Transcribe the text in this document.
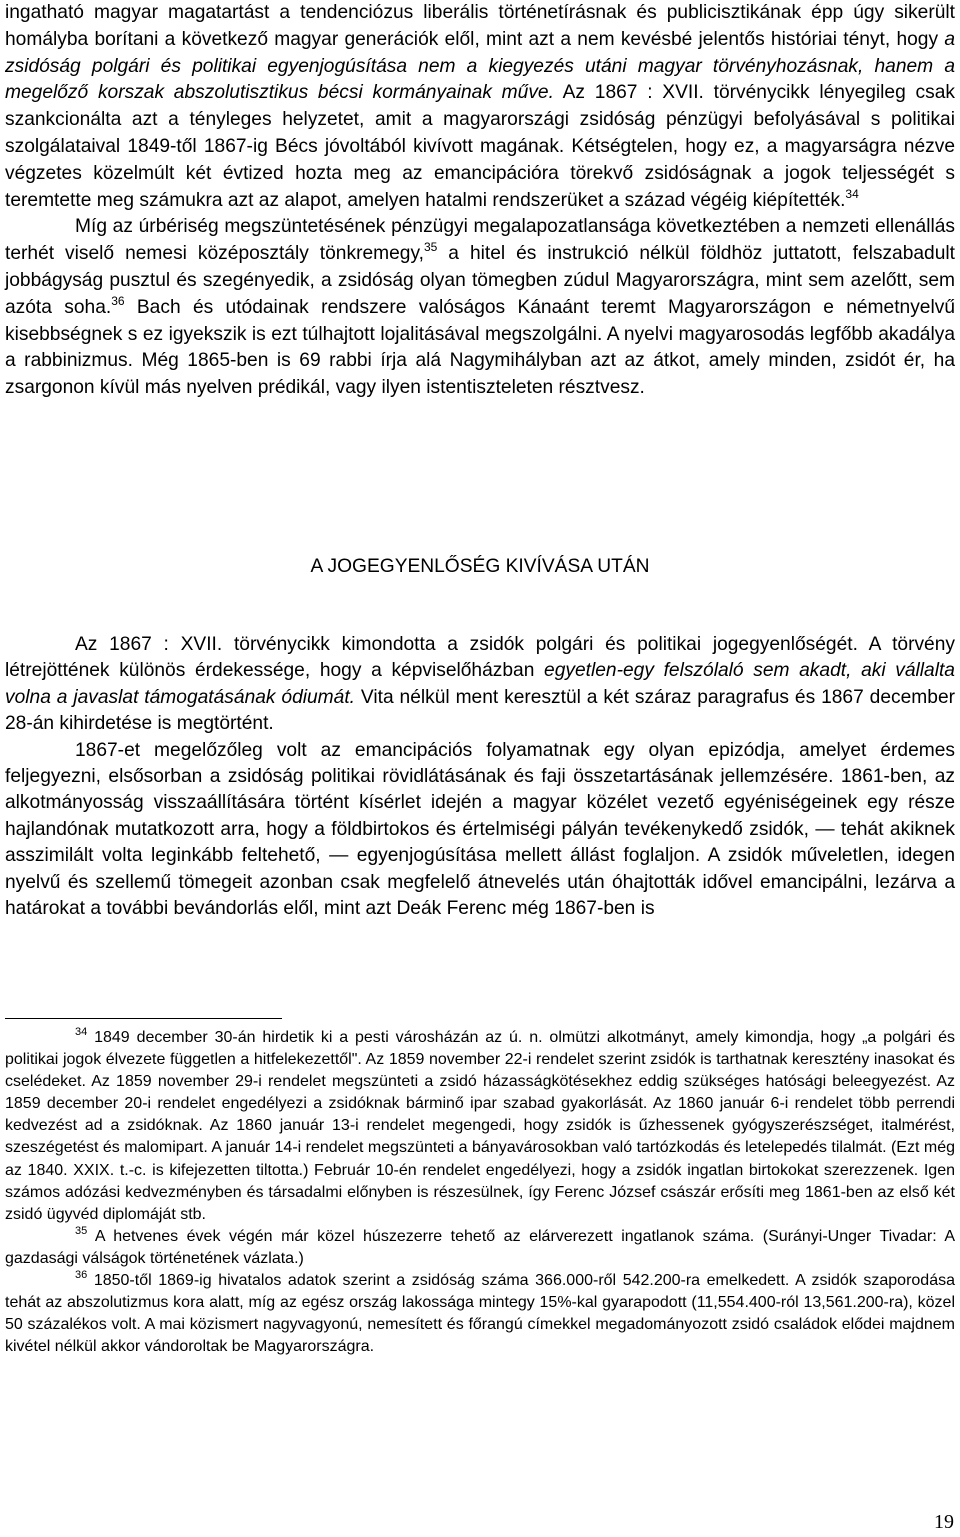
ingatható magyar magatartást a tendenciózus liberális történetírásnak és publicisztikának épp úgy sikerült homályba borítani a következő magyar generációk elől, mint azt a nem kevésbé jelentős históriai tényt, hogy a zsidóság polgári és politikai egyenjogúsítása nem a kiegyezés utáni magyar törvényhozásnak, hanem a megelőző korszak abszolutisztikus bécsi kormányainak műve. Az 1867 : XVII. törvénycikk lényegileg csak szankcionálta azt a tényleges helyzetet, amit a magyarországi zsidóság pénzügyi befolyásával s politikai szolgálataival 1849-től 1867-ig Bécs jóvoltából kivívott magának. Kétségtelen, hogy ez, a magyarságra nézve végzetes közelmúlt két évtized hozta meg az emancipációra törekvő zsidóságnak a jogok teljességét s teremtette meg számukra azt az alapot, amelyen hatalmi rendszerüket a század végéig kiépítették.$^{34}$

Míg az úrbériség megszüntetésének pénzügyi megalapozatlansága következtében a nemzeti ellenállás terhét viselő nemesi középosztály tönkremegy,$^{35}$ a hitel és instrukció nélkül földhöz juttatott, felszabadult jobbágyság pusztul és szegényedik, a zsidóság olyan tömegben zúdul Magyarországra, mint sem azelőtt, sem azóta soha.$^{36}$ Bach és utódainak rendszere valóságos Kánaánt teremt Magyarországon e németnyelvű kisebbségnek s ez igyekszik is ezt túlhajtott lojalitásával megszolgálni. A nyelvi magyarosodás legfőbb akadálya a rabbinizmus. Még 1865-ben is 69 rabbi írja alá Nagymihályban azt az átkot, amely minden, zsidót ér, ha zsargonon kívül más nyelven prédikál, vagy ilyen istentiszteleten résztvesz.

A JOGEGYENLŐSÉG KIVÍVÁSA UTÁN

Az 1867 : XVII. törvénycikk kimondotta a zsidók polgári és politikai jogegyenlőségét. A törvény létrejöttének különös érdekessége, hogy a képviselőházban egyetlen-egy felszólaló sem akadt, aki vállalta volna a javaslat támogatásának ódiumát. Vita nélkül ment keresztül a két száraz paragrafus és 1867 december 28-án kihirdetése is megtörtént.

1867-et megelőzőleg volt az emancipációs folyamatnak egy olyan epizódja, amelyet érdemes feljegyezni, elsősorban a zsidóság politikai rövidlátásának és faji összetartásának jellemzésére. 1861-ben, az alkotmányosság visszaállítására történt kísérlet idején a magyar közélet vezető egyéniségeinek egy része hajlandónak mutatkozott arra, hogy a földbirtokos és értelmiségi pályán tevékenykedő zsidók, — tehát akiknek asszimilált volta leginkább feltehető, — egyenjogúsítása mellett állást foglaljon. A zsidók műveletlen, idegen nyelvű és szellemű tömegeit azonban csak megfelelő átnevelés után óhajtották idővel emancipálni, lezárva a határokat a további bevándorlás elől, mint azt Deák Ferenc még 1867-ben is

$^{34}$ 1849 december 30-án hirdetik ki a pesti városházán az ú. n. olmützi alkotmányt, amely kimondja, hogy „a polgári és politikai jogok élvezete független a hitfelekezettől". Az 1859 november 22-i rendelet szerint zsidók is tarthatnak keresztény inasokat és cselédeket. Az 1859 november 29-i rendelet megszünteti a zsidó házasságkötésekhez eddig szükséges hatósági beleegyezést. Az 1859 december 20-i rendelet engedélyezi a zsidóknak bárminő ipar szabad gyakorlását. Az 1860 január 6-i rendelet több perrendi kedvezést ad a zsidóknak. Az 1860 január 13-i rendelet megengedi, hogy zsidók is űzhessenek gyógyszerészséget, italmérést, szeszégetést és malomipart. A január 14-i rendelet megszünteti a bányavárosokban való tartózkodás és letelepedés tilalmát. (Ezt még az 1840. XXIX. t.-c. is kifejezetten tiltotta.) Február 10-én rendelet engedélyezi, hogy a zsidók ingatlan birtokokat szerezzenek. Igen számos adózási kedvezményben és társadalmi előnyben is részesülnek, így Ferenc József császár erősíti meg 1861-ben az első két zsidó ügyvéd diplomáját stb.

$^{35}$ A hetvenes évek végén már közel húszezerre tehető az elárverezett ingatlanok száma. (Surányi-Unger Tivadar: A gazdasági válságok történetének vázlata.)

$^{36}$ 1850-től 1869-ig hivatalos adatok szerint a zsidóság száma 366.000-ről 542.200-ra emelkedett. A zsidók szaporodása tehát az abszolutizmus kora alatt, míg az egész ország lakossága mintegy 15%-kal gyarapodott (11,554.400-ról 13,561.200-ra), közel 50 százalékos volt. A mai közismert nagyvagyonú, nemesített és főrangú címekkel megadományozott zsidó családok elődei majdnem kivétel nélkül akkor vándoroltak be Magyarországra.

19
